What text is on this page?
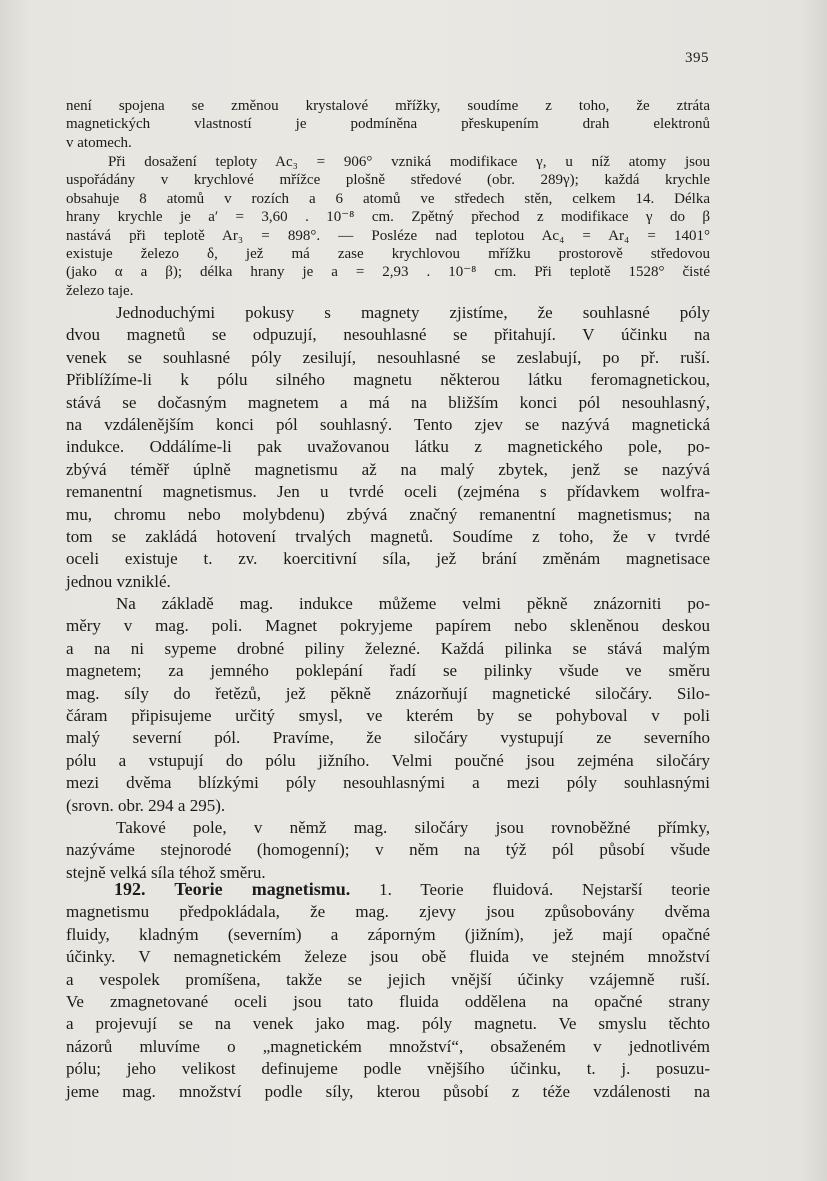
395
není spojena se změnou krystalové mřížky, soudíme z toho, že ztráta
magnetických vlastností je podmíněna přeskupením drah elektronů
v atomech.
Při dosažení teploty Ac₃ = 906° vzniká modifikace γ, u níž atomy jsou
uspořádány v krychlové mřížce plošně středové (obr. 289γ); každá krychle
obsahuje 8 atomů v rozích a 6 atomů ve středech stěn, celkem 14. Délka
hrany krychle je a′ = 3,60 . 10⁻⁸ cm. Zpětný přechod z modifikace γ do β
nastává při teplotě Ar₃ = 898°. — Posléze nad teplotou Ac₄ = Ar₄ = 1401°
existuje železo δ, jež má zase krychlovou mřížku prostorově středovou
(jako α a β); délka hrany je a = 2,93 . 10⁻⁸ cm. Při teplotě 1528° čisté
železo taje.
Jednoduchými pokusy s magnety zjistíme, že souhlasné póly
dvou magnetů se odpuzují, nesouhlasné se přitahují. V účinku na
venek se souhlasné póly zesilují, nesouhlasné se zeslabují, po př. ruší.
Přiblížíme-li k pólu silného magnetu některou látku feromagnetickou,
stává se dočasným magnetem a má na bližším konci pól nesouhlasný,
na vzdálenějším konci pól souhlasný. Tento zjev se nazývá magnetická
indukce. Oddálíme-li pak uvažovanou látku z magnetického pole, po-
zbývá téměř úplně magnetismu až na malý zbytek, jenž se nazývá
remanentní magnetismus. Jen u tvrdé oceli (zejména s přídavkem wolfra-
mu, chromu nebo molybdenu) zbývá značný remanentní magnetismus; na
tom se zakládá hotovení trvalých magnetů. Soudíme z toho, že v tvrdé
oceli existuje t. zv. koercitivní síla, jež brání změnám magnetisace
jednou vzniklé.
Na základě mag. indukce můžeme velmi pěkně znázorniti po-
měry v mag. poli. Magnet pokryjeme papírem nebo skleněnou deskou
a na ni sypeme drobné piliny železné. Každá pilinka se stává malým
magnetem; za jemného poklepání řadí se pilinky všude ve směru
mag. síly do řetězů, jež pěkně znázorňují magnetické siločáry. Silo-
čáram připisujeme určitý smysl, ve kterém by se pohyboval v poli
malý severní pól. Pravíme, že siločáry vystupují ze severního
pólu a vstupují do pólu jižního. Velmi poučné jsou zejména siločáry
mezi dvěma blízkými póly nesouhlasnými a mezi póly souhlasnými
(srovn. obr. 294 a 295).
Takové pole, v němž mag. siločáry jsou rovnoběžné přímky,
nazýváme stejnorodé (homogenní); v něm na týž pól působí všude
stejně velká síla téhož směru.
192. Teorie magnetismu. 1. Teorie fluidová. Nejstarší teorie
magnetismu předpokládala, že mag. zjevy jsou způsobovány dvěma
fluidy, kladným (severním) a záporným (jižním), jež mají opačné
účinky. V nemagnetickém železe jsou obě fluida ve stejném množství
a vespolek promíšena, takže se jejich vnější účinky vzájemně ruší.
Ve zmagnetované oceli jsou tato fluida oddělena na opačné strany
a projevují se na venek jako mag. póly magnetu. Ve smyslu těchto
názorů mluvíme o „magnetickém množství“, obsaženém v jednotlivém
pólu; jeho velikost definujeme podle vnějšího účinku, t. j. posuzu-
jeme mag. množství podle síly, kterou působí z téže vzdálenosti na
